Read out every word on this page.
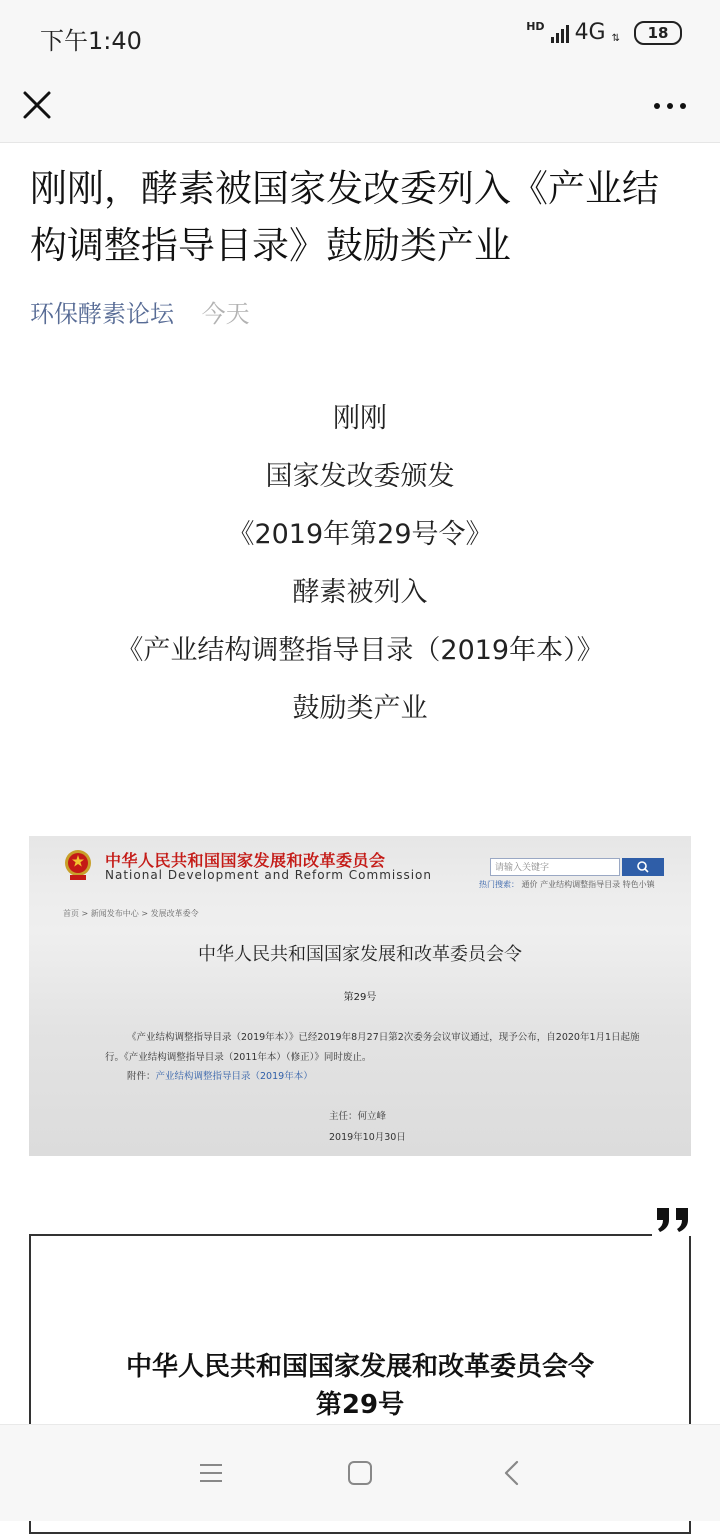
下午1:40
HD 4G ⇅	18
刚刚，酵素被国家发改委列入《产业结构调整指导目录》鼓励类产业
环保酵素论坛 今天

刚刚

国家发改委颁发

《2019年第29号令》

酵素被列入

《产业结构调整指导目录（2019年本）》

鼓励类产业

中华人民共和国国家发展和改革委员会
National Development and Reform Commission	请输入关键字
热门搜索： 通价 产业结构调整指导目录 特色小镇
首页 > 新闻发布中心 > 发展改革委令
中华人民共和国国家发展和改革委员会令
第29号

《产业结构调整指导目录（2019年本）》已经2019年8月27日第2次委务会议审议通过，现予公布，自2020年1月1日起施行。《产业结构调整指导目录（2011年本）（修正）》同时废止。

附件：产业结构调整指导目录（2019年本）
主任：何立峰
2019年10月30日
中华人民共和国国家发展和改革委员会令
第29号
